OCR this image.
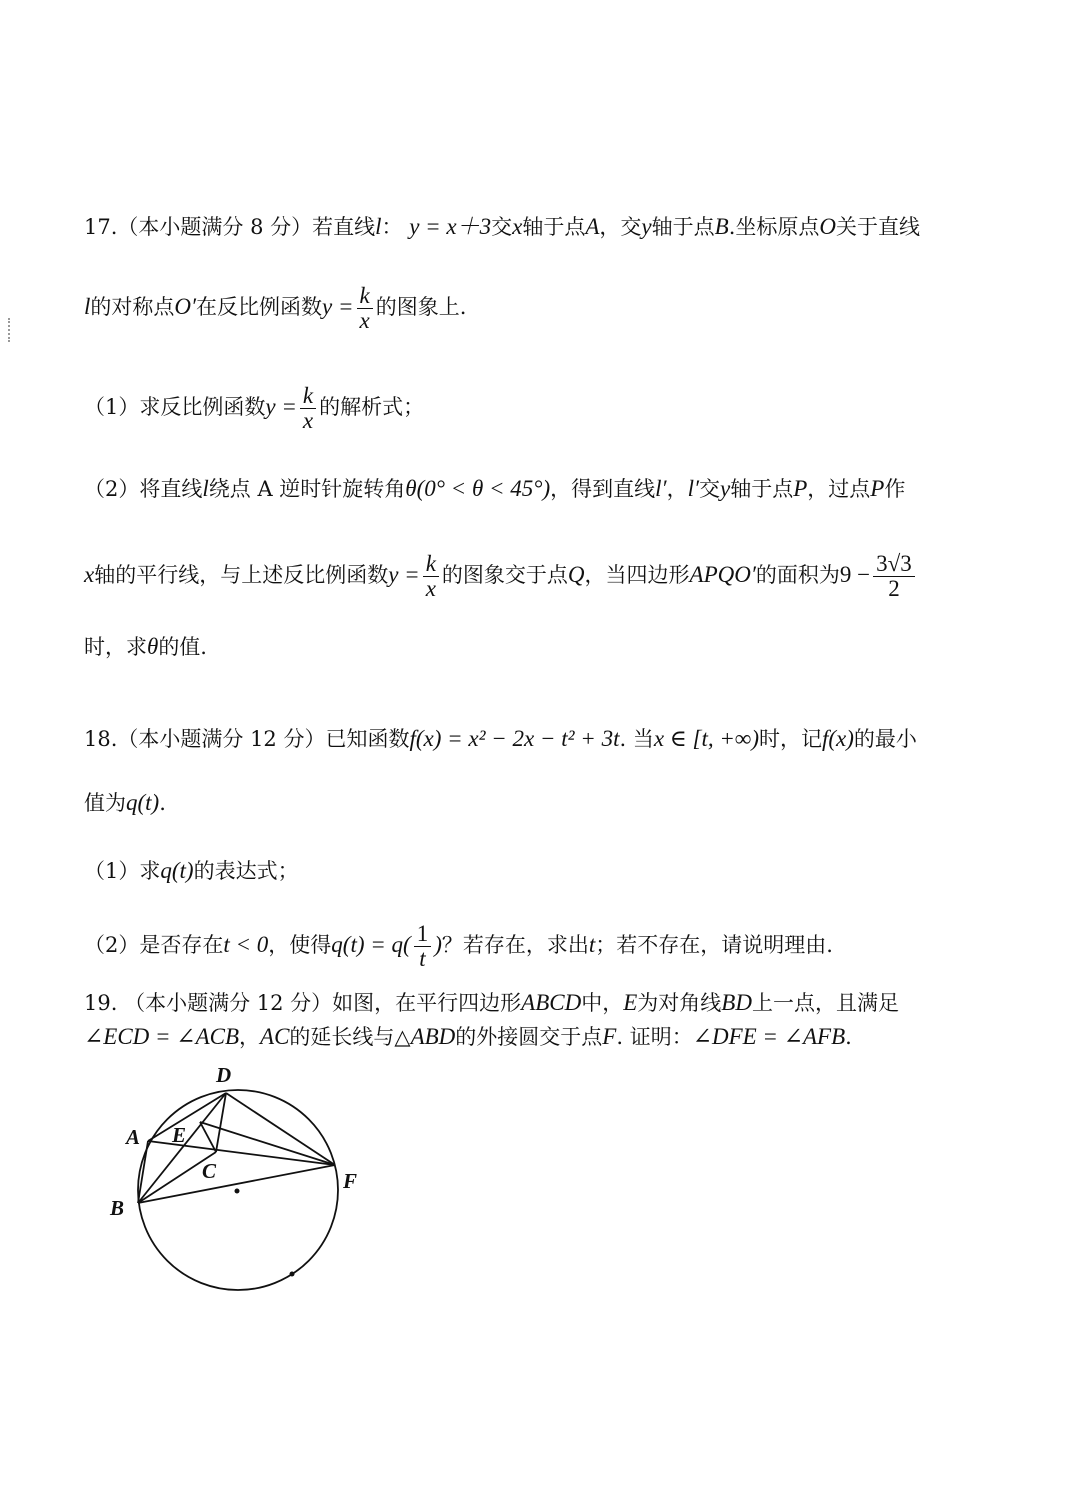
17.（本小题满分 8 分）若直线l： y = x＋3交x轴于点A，交y轴于点B.坐标原点O关于直线
l的对称点O′在反比例函数$y = \frac{k}{x}$ 的图象上.
（1）求反比例函数$y = \frac{k}{x}$ 的解析式；
（2）将直线l绕点 A 逆时针旋转角θ(0° < θ < 45°)，得到直线l′，l′交y轴于点P，过点P作
x轴的平行线，与上述反比例函数$y = \frac{k}{x}$ 的图象交于点Q，当四边形APQO′的面积为$9 - \frac{3√3}{2}$
时，求θ的值.
18.（本小题满分 12 分）已知函数f(x) = x² − 2x − t² + 3t. 当x ∈ [t, +∞)时，记f(x)的最小
值为q(t).
（1）求q(t)的表达式；
（2）是否存在t < 0，使得$q(t) = q( \frac{1}{t}$ )？若存在，求出t；若不存在，请说明理由.
19. （本小题满分 12 分）如图，在平行四边形ABCD中，E为对角线BD上一点，且满足
∠ECD = ∠ACB，AC的延长线与△ABD的外接圆交于点F. 证明：∠DFE = ∠AFB.
D
A E
C	F
B
